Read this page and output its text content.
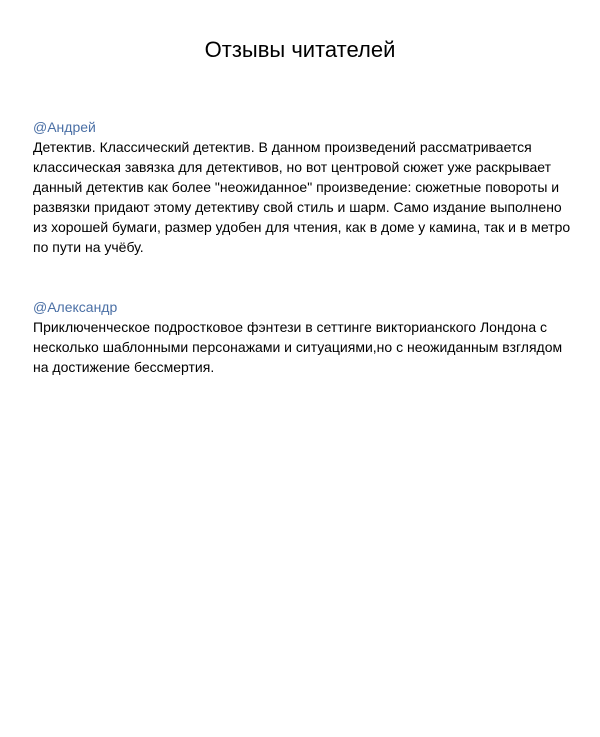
Отзывы читателей
@Андрей

Детектив. Классический детектив. В данном произведений рассматривается классическая завязка для детективов, но вот центровой сюжет уже раскрывает данный детектив как более "неожиданное" произведение: сюжетные повороты и развязки придают этому детективу свой стиль и шарм. Само издание выполнено из хорошей бумаги, размер удобен для чтения, как в доме у камина, так и в метро по пути на учёбу.

@Александр

Приключенческое подростковое фэнтези в сеттинге викторианского Лондона с несколько шаблонными персонажами и ситуациями,но с неожиданным взглядом на достижение бессмертия.
